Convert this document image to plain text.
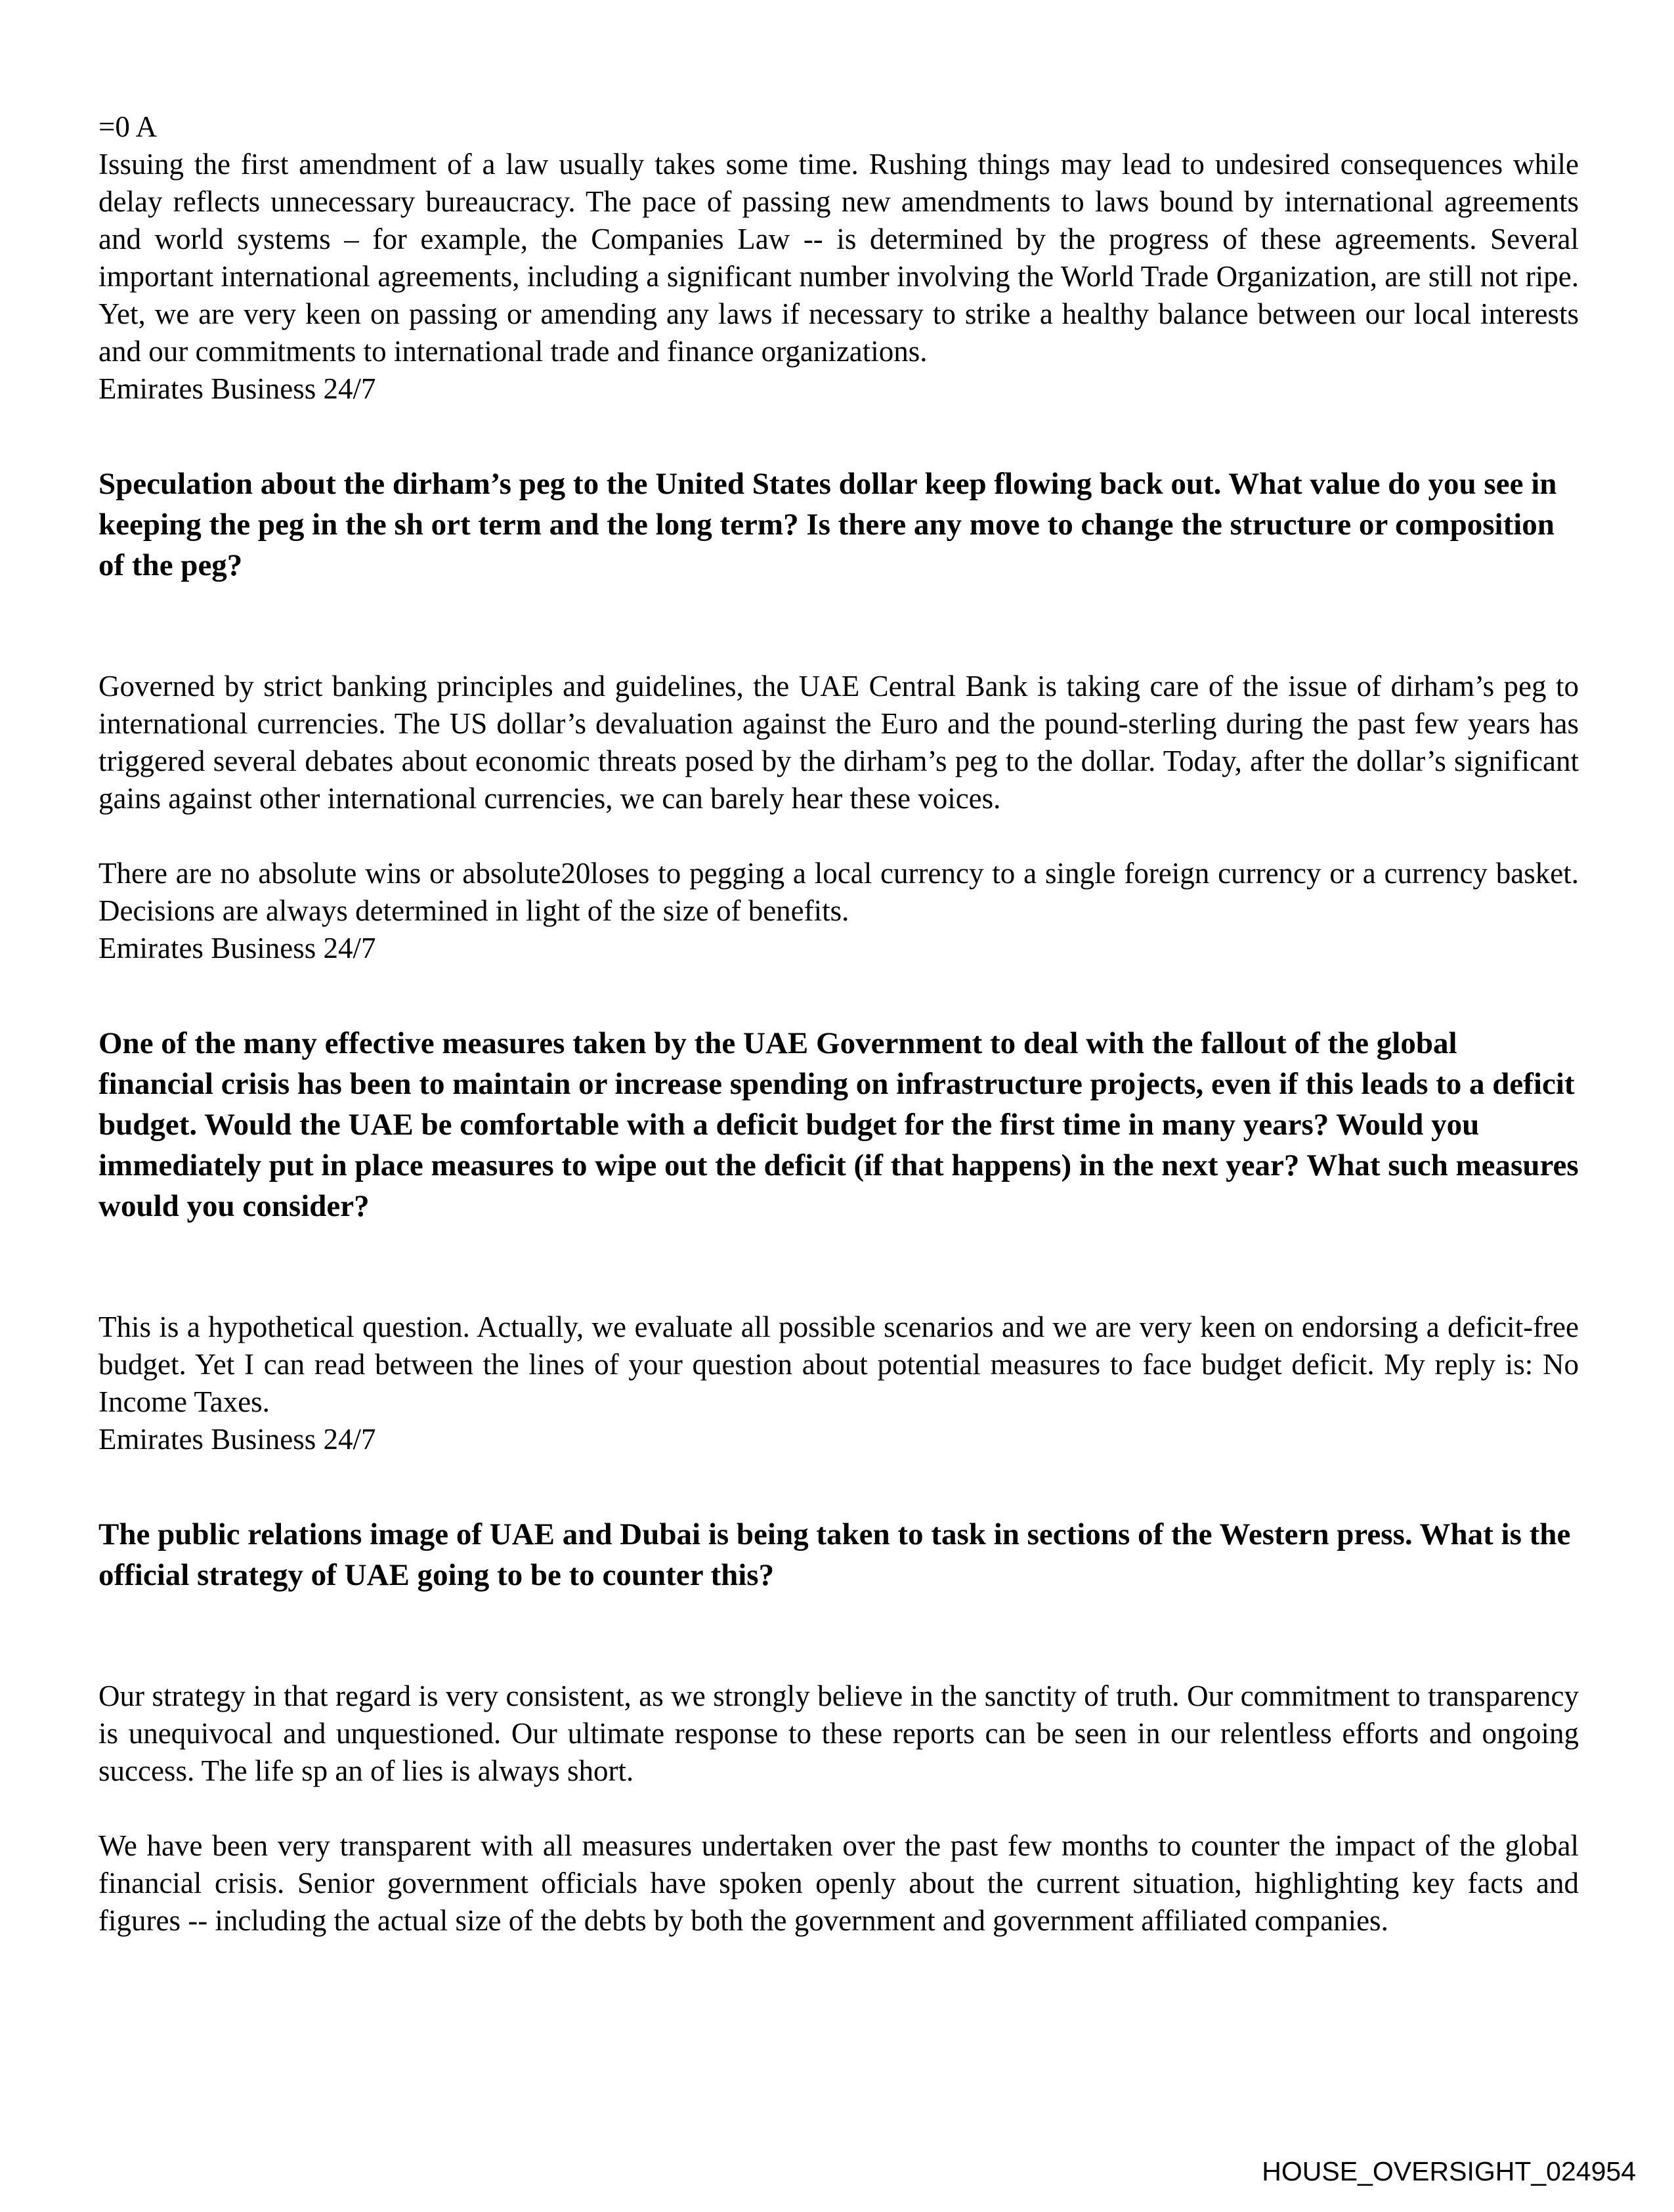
=0 A

Issuing the first amendment of a law usually takes some time. Rushing things may lead to undesired consequences while delay reflects unnecessary bureaucracy. The pace of passing new amendments to laws bound by international agreements and world systems – for example, the Companies Law -- is determined by the progress of these agreements. Several important international agreements, including a significant number involving the World Trade Organization, are still not ripe. Yet, we are very keen on passing or amending any laws if necessary to strike a healthy balance between our local interests and our commitments to international trade and finance organizations.

Emirates Business 24/7

Speculation about the dirham’s peg to the United States dollar keep flowing back out. What value do you see in keeping the peg in the sh ort term and the long term? Is there any move to change the structure or composition of the peg?

Governed by strict banking principles and guidelines, the UAE Central Bank is taking care of the issue of dirham’s peg to international currencies. The US dollar’s devaluation against the Euro and the pound-sterling during the past few years has triggered several debates about economic threats posed by the dirham’s peg to the dollar. Today, after the dollar’s significant gains against other international currencies, we can barely hear these voices.

There are no absolute wins or absolute20loses to pegging a local currency to a single foreign currency or a currency basket. Decisions are always determined in light of the size of benefits.

Emirates Business 24/7

One of the many effective measures taken by the UAE Government to deal with the fallout of the global financial crisis has been to maintain or increase spending on infrastructure projects, even if this leads to a deficit budget. Would the UAE be comfortable with a deficit budget for the first time in many years? Would you immediately put in place measures to wipe out the deficit (if that happens) in the next year? What such measures would you consider?

This is a hypothetical question. Actually, we evaluate all possible scenarios and we are very keen on endorsing a deficit-free budget. Yet I can read between the lines of your question about potential measures to face budget deficit. My reply is: No Income Taxes.

Emirates Business 24/7

The public relations image of UAE and Dubai is being taken to task in sections of the Western press. What is the official strategy of UAE going to be to counter this?

Our strategy in that regard is very consistent, as we strongly believe in the sanctity of truth. Our commitment to transparency is unequivocal and unquestioned. Our ultimate response to these reports can be seen in our relentless efforts and ongoing success. The life sp an of lies is always short.

We have been very transparent with all measures undertaken over the past few months to counter the impact of the global financial crisis. Senior government officials have spoken openly about the current situation, highlighting key facts and figures -- including the actual size of the debts by both the government and government affiliated companies.

HOUSE_OVERSIGHT_024954
